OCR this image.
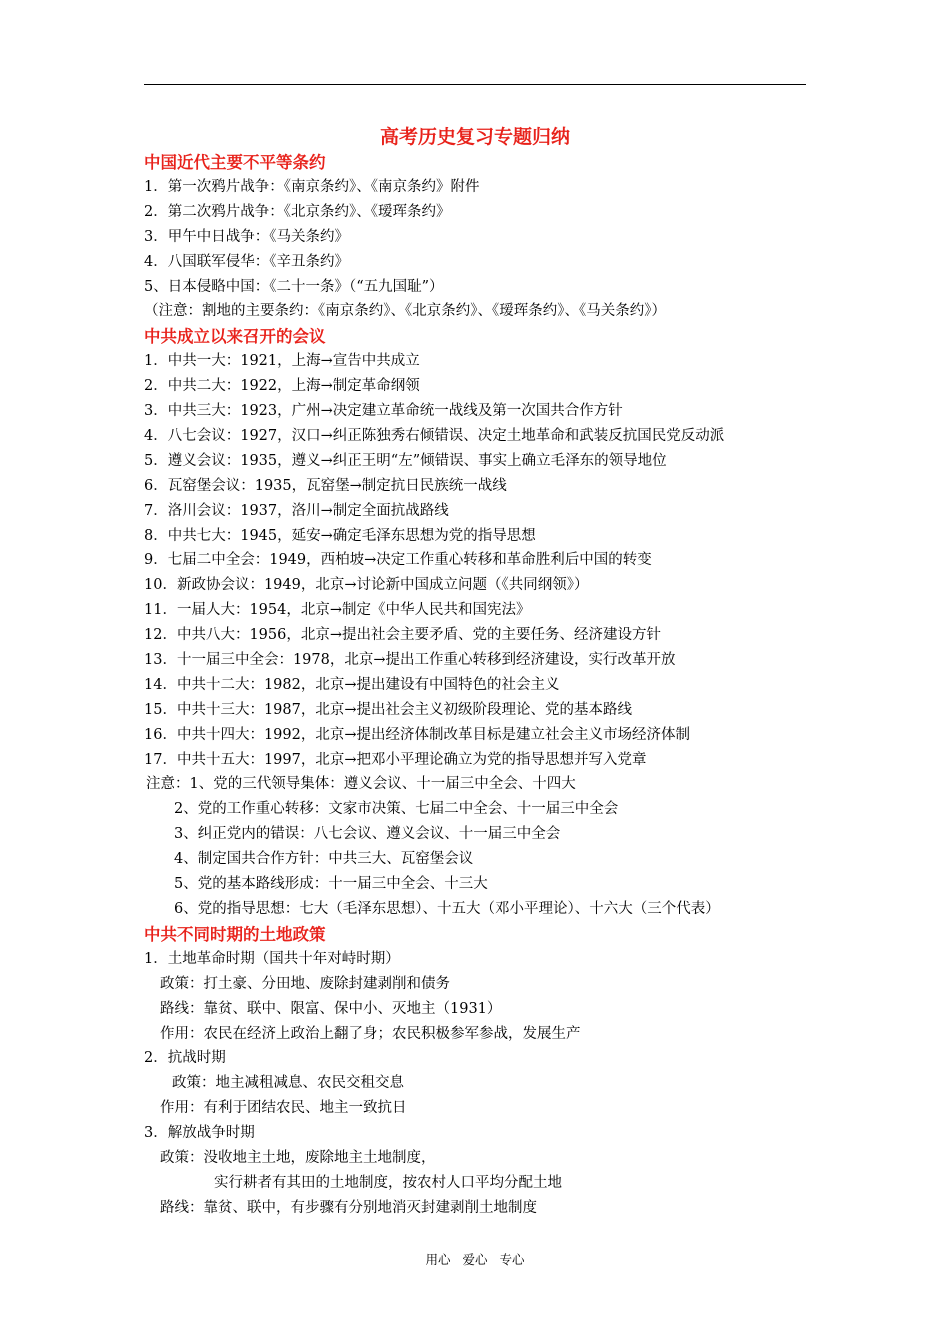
高考历史复习专题归纳
中国近代主要不平等条约
1．第一次鸦片战争：《南京条约》、《南京条约》附件
2．第二次鸦片战争：《北京条约》、《瑷珲条约》
3．甲午中日战争：《马关条约》
4．八国联军侵华：《辛丑条约》
5、日本侵略中国：《二十一条》（“五九国耻”）
（注意：割地的主要条约：《南京条约》、《北京条约》、《瑷珲条约》、《马关条约》）
中共成立以来召开的会议
1．中共一大：1921，上海→宣告中共成立
2．中共二大：1922，上海→制定革命纲领
3．中共三大：1923，广州→决定建立革命统一战线及第一次国共合作方针
4．八七会议：1927，汉口→纠正陈独秀右倾错误、决定土地革命和武装反抗国民党反动派
5．遵义会议：1935，遵义→纠正王明“左”倾错误、事实上确立毛泽东的领导地位
6．瓦窑堡会议：1935，瓦窑堡→制定抗日民族统一战线
7．洛川会议：1937，洛川→制定全面抗战路线
8．中共七大：1945，延安→确定毛泽东思想为党的指导思想
9．七届二中全会：1949，西柏坡→决定工作重心转移和革命胜利后中国的转变
10．新政协会议：1949，北京→讨论新中国成立问题（《共同纲领》）
11．一届人大：1954，北京→制定《中华人民共和国宪法》
12．中共八大：1956，北京→提出社会主要矛盾、党的主要任务、经济建设方针
13．十一届三中全会：1978，北京→提出工作重心转移到经济建设，实行改革开放
14．中共十二大：1982，北京→提出建设有中国特色的社会主义
15．中共十三大：1987，北京→提出社会主义初级阶段理论、党的基本路线
16．中共十四大：1992，北京→提出经济体制改革目标是建立社会主义市场经济体制
17．中共十五大：1997，北京→把邓小平理论确立为党的指导思想并写入党章
注意：1、党的三代领导集体：遵义会议、十一届三中全会、十四大
2、党的工作重心转移：文家市决策、七届二中全会、十一届三中全会
3、纠正党内的错误：八七会议、遵义会议、十一届三中全会
4、制定国共合作方针：中共三大、瓦窑堡会议
5、党的基本路线形成：十一届三中全会、十三大
6、党的指导思想：七大（毛泽东思想）、十五大（邓小平理论）、十六大（三个代表）
中共不同时期的土地政策
1．土地革命时期（国共十年对峙时期）
政策：打土豪、分田地、废除封建剥削和债务
路线：靠贫、联中、限富、保中小、灭地主（1931）
作用：农民在经济上政治上翻了身；农民积极参军参战，发展生产
2．抗战时期
政策：地主减租减息、农民交租交息
作用：有利于团结农民、地主一致抗日
3．解放战争时期
政策：没收地主土地，废除地主土地制度，
实行耕者有其田的土地制度，按农村人口平均分配土地
路线：靠贫、联中，有步骤有分别地消灭封建剥削土地制度
用心 爱心 专心
